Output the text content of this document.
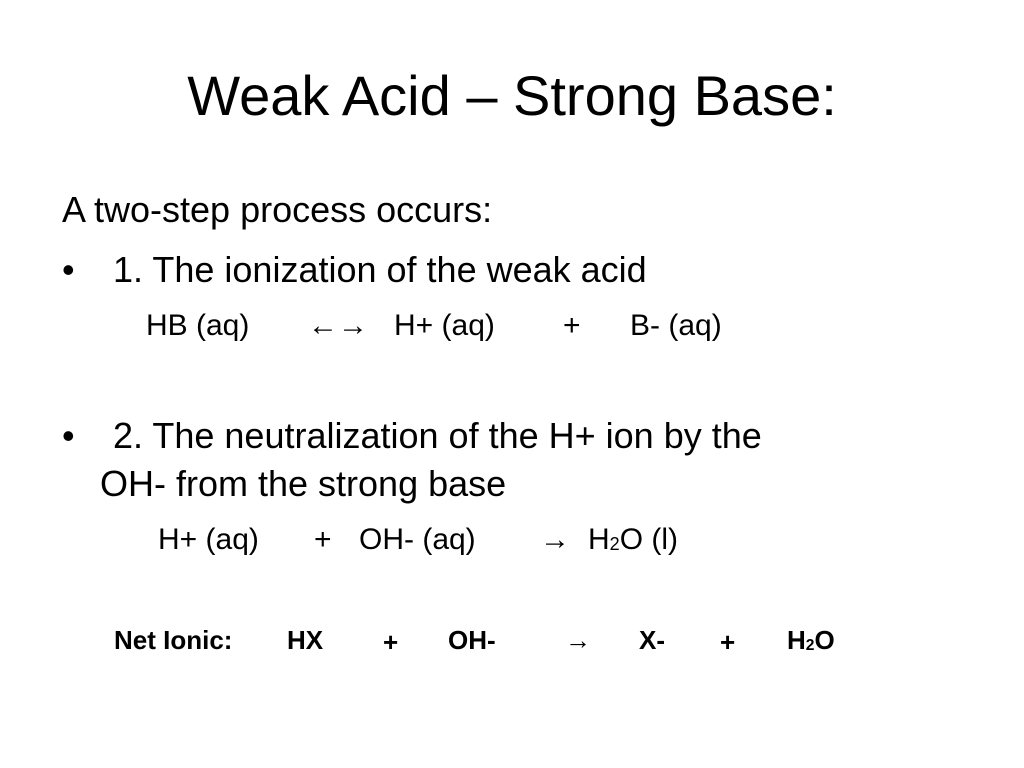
Weak Acid – Strong Base:
A two-step process occurs:
• 1. The ionization of the weak acid
HB (aq) ←→ H+ (aq) + B- (aq)
• 2. The neutralization of the H+ ion by the
OH- from the strong base
H+ (aq) + OH- $(aq) \to H_2O$ (l)
Net Ionic: HX + OH-	→ $X- + H_2O$
